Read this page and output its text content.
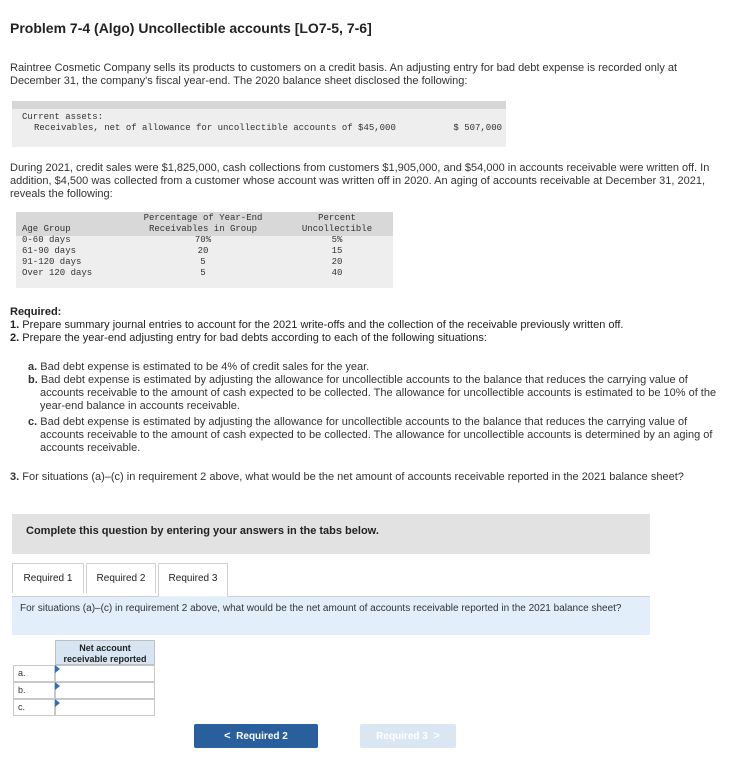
Problem 7-4 (Algo) Uncollectible accounts [LO7-5, 7-6]
Raintree Cosmetic Company sells its products to customers on a credit basis. An adjusting entry for bad debt expense is recorded only at December 31, the company's fiscal year-end. The 2020 balance sheet disclosed the following:
Current assets:
Receivables, net of allowance for uncollectible accounts of $45,000	$ 507,000
During 2021, credit sales were $1,825,000, cash collections from customers $1,905,000, and $54,000 in accounts receivable were written off. In addition, $4,500 was collected from a customer whose account was written off in 2020. An aging of accounts receivable at December 31, 2021, reveals the following:
Percentage of Year-End
Receivables in Group
Percent
Uncollectible
Age Group
0-60 days	70%	5%
61-90 days	20	15
91-120 days	5	20
Over 120 days	5	40
Required:
1. Prepare summary journal entries to account for the 2021 write-offs and the collection of the receivable previously written off.
2. Prepare the year-end adjusting entry for bad debts according to each of the following situations:
a. Bad debt expense is estimated to be 4% of credit sales for the year.
b. Bad debt expense is estimated by adjusting the allowance for uncollectible accounts to the balance that reduces the carrying value of accounts receivable to the amount of cash expected to be collected. The allowance for uncollectible accounts is estimated to be 10% of the year-end balance in accounts receivable.
c. Bad debt expense is estimated by adjusting the allowance for uncollectible accounts to the balance that reduces the carrying value of accounts receivable to the amount of cash expected to be collected. The allowance for uncollectible accounts is determined by an aging of accounts receivable.
3. For situations (a)–(c) in requirement 2 above, what would be the net amount of accounts receivable reported in the 2021 balance sheet?
Complete this question by entering your answers in the tabs below.
Required 1	Required 2	Required 3
For situations (a)–(c) in requirement 2 above, what would be the net amount of accounts receivable reported in the 2021 balance sheet?
Net account receivable reported
a.
b.
c.
< Required 2	Required 3 >
